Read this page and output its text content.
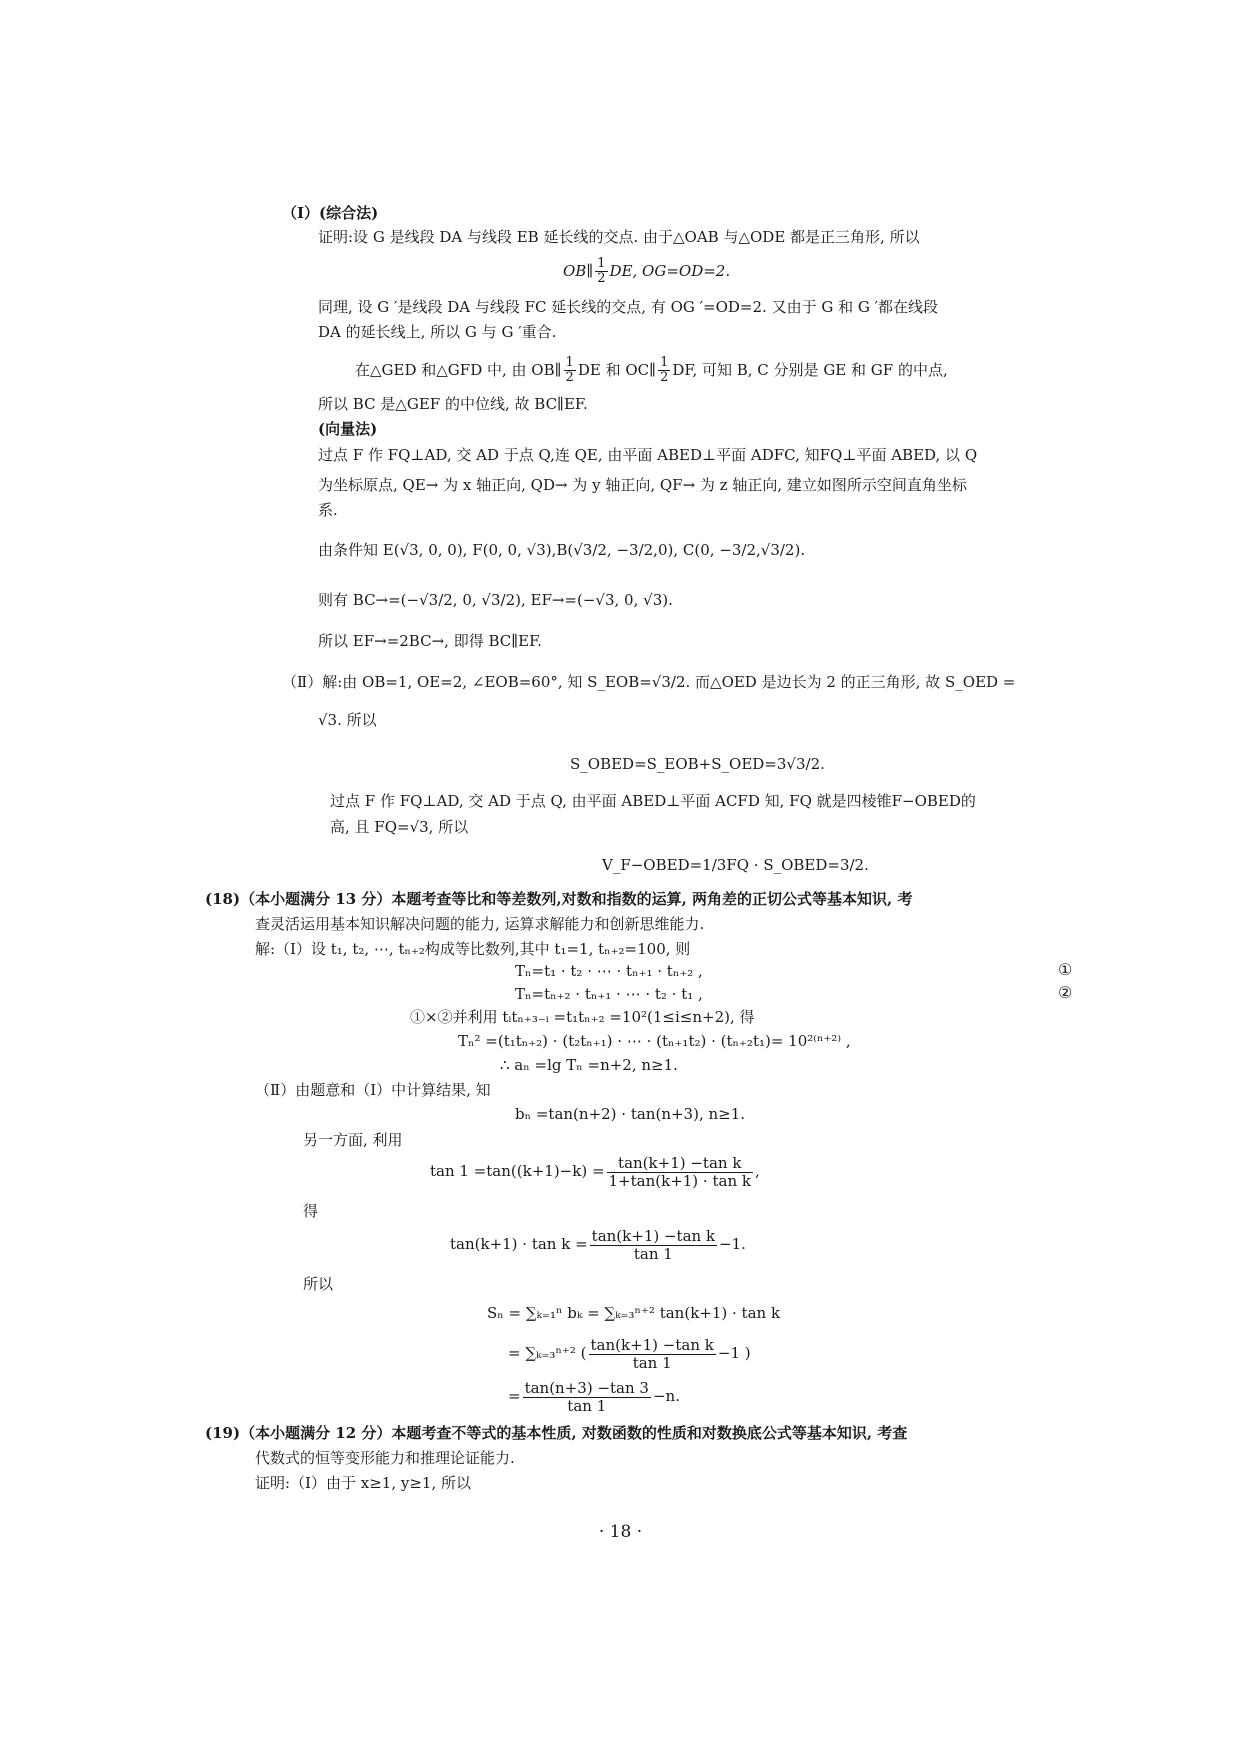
（Ⅰ）(综合法)
证明:设 G 是线段 DA 与线段 EB 延长线的交点. 由于△OAB 与△ODE 都是正三角形, 所以
OB∥ $\frac{1}{2}$ DE, OG=OD=2.
同理, 设 G ′是线段 DA 与线段 FC 延长线的交点, 有 OG ′=OD=2. 又由于 G 和 G ′都在线段
DA 的延长线上, 所以 G 与 G ′重合.
在△GED 和△GFD 中, 由 OB∥ $\frac{1}{2}$ DE 和 OC∥ $\frac{1}{2}$ DF, 可知 B, C 分别是 GE 和 GF 的中点,
所以 BC 是△GEF 的中位线, 故 BC∥EF.
(向量法)
过点 F 作 FQ⊥AD, 交 AD 于点 Q,连 QE, 由平面 ABED⊥平面 ADFC, 知FQ⊥平面 ABED, 以 Q
为坐标原点, QE→ 为 x 轴正向, QD→ 为 y 轴正向, QF→ 为 z 轴正向, 建立如图所示空间直角坐标
系.
由条件知 E(√3, 0, 0), F(0, 0, √3),B(√3/2, −3/2,0), C(0, −3/2,√3/2).
则有 BC→=(−√3/2, 0, √3/2), EF→=(−√3, 0, √3).
所以 EF→=2BC→, 即得 BC∥EF.
（Ⅱ）解:由 OB=1, OE=2, ∠EOB=60°, 知 S_EOB=√3/2. 而△OED 是边长为 2 的正三角形, 故 S_OED =
√3. 所以
S_OBED=S_EOB+S_OED=3√3/2.
过点 F 作 FQ⊥AD, 交 AD 于点 Q, 由平面 ABED⊥平面 ACFD 知, FQ 就是四棱锥F−OBED的
高, 且 FQ=√3, 所以
V_F−OBED=1/3FQ · S_OBED=3/2.
(18)（本小题满分 13 分）本题考查等比和等差数列,对数和指数的运算, 两角差的正切公式等基本知识, 考
查灵活运用基本知识解决问题的能力, 运算求解能力和创新思维能力.
解:（Ⅰ）设 t₁, t₂, ⋯, tₙ₊₂构成等比数列,其中 t₁=1, tₙ₊₂=100, 则
Tₙ=t₁ · t₂ · ⋯ · tₙ₊₁ · tₙ₊₂ ,	①
Tₙ=tₙ₊₂ · tₙ₊₁ · ⋯ · t₂ · t₁ ,	②
①×②并利用 tᵢtₙ₊₃₋ᵢ =t₁tₙ₊₂ =10²(1≤i≤n+2), 得
Tₙ² =(t₁tₙ₊₂) · (t₂tₙ₊₁) · ⋯ · (tₙ₊₁t₂) · (tₙ₊₂t₁)= 10²⁽ⁿ⁺²⁾ ,
∴ aₙ =lg Tₙ =n+2, n≥1.
（Ⅱ）由题意和（Ⅰ）中计算结果, 知
bₙ =tan(n+2) · tan(n+3), n≥1.
另一方面, 利用
$\tan 1 =\tan((k+1)-k) = \frac{\text{tan(k+1) −tan k}}{\text{1+tan(k+1) · tan k}}$ ,
得
$\tan(k+1) \cdot \tan k = \frac{\text{tan(k+1) −tan k}}{\tan 1} -1$.
所以
Sₙ = ∑ₖ₌₁ⁿ bₖ = ∑ₖ₌₃ⁿ⁺² tan(k+1) · tan k
= ∑ₖ₌₃ⁿ⁺² ( $\frac{\text{tan(k+1) −tan k}}{\tan 1} -1$ )
= $\frac{\tan(n+3) -\tan 3}{\tan 1} -n$.
(19)（本小题满分 12 分）本题考查不等式的基本性质, 对数函数的性质和对数换底公式等基本知识, 考查
代数式的恒等变形能力和推理论证能力.
证明:（Ⅰ）由于 x≥1, y≥1, 所以
· 18 ·
